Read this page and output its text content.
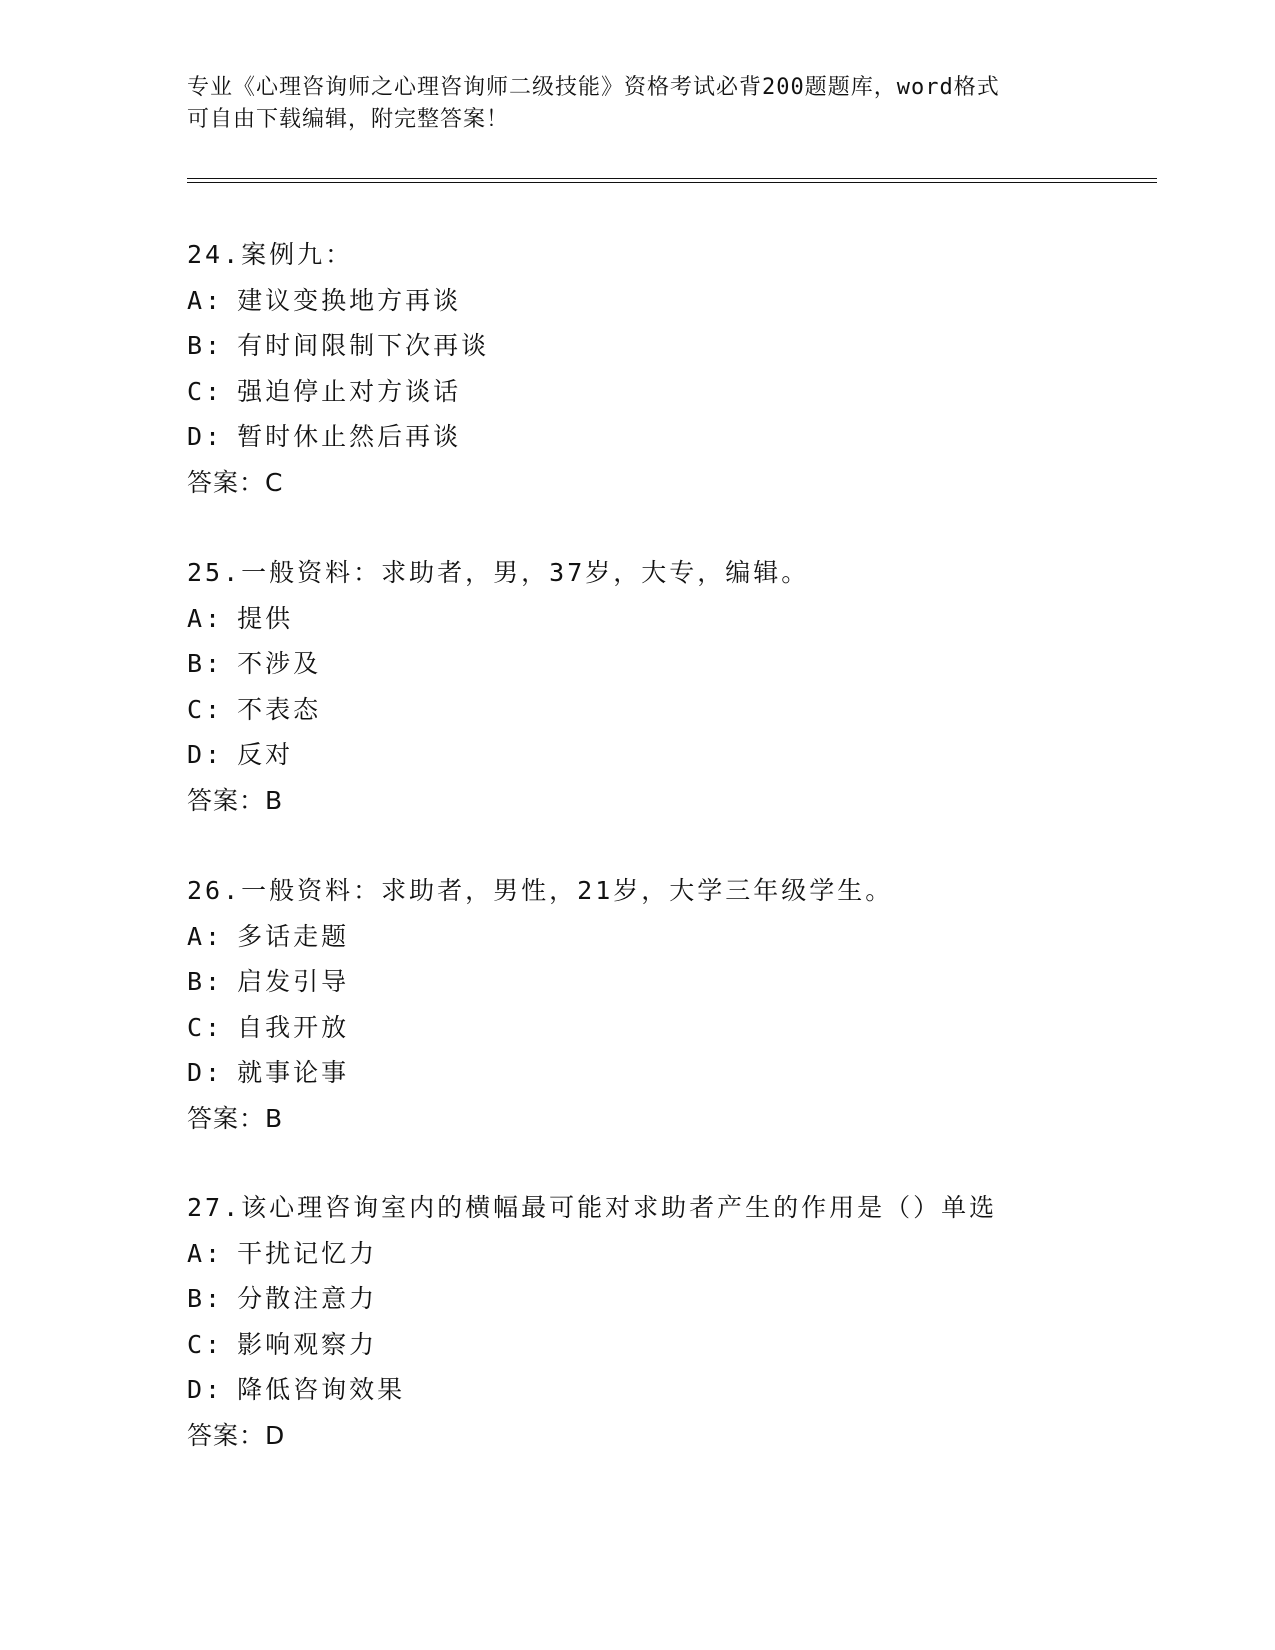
专业《心理咨询师之心理咨询师二级技能》资格考试必背200题题库，word格式
可自由下载编辑，附完整答案！
24.案例九：
A: 建议变换地方再谈
B: 有时间限制下次再谈
C: 强迫停止对方谈话
D: 暂时休止然后再谈
答案：C
25.一般资料：求助者，男，37岁，大专，编辑。
A: 提供
B: 不涉及
C: 不表态
D: 反对
答案：B
26.一般资料：求助者，男性，21岁，大学三年级学生。
A: 多话走题
B: 启发引导
C: 自我开放
D: 就事论事
答案：B
27.该心理咨询室内的横幅最可能对求助者产生的作用是（）单选
A: 干扰记忆力
B: 分散注意力
C: 影响观察力
D: 降低咨询效果
答案：D
